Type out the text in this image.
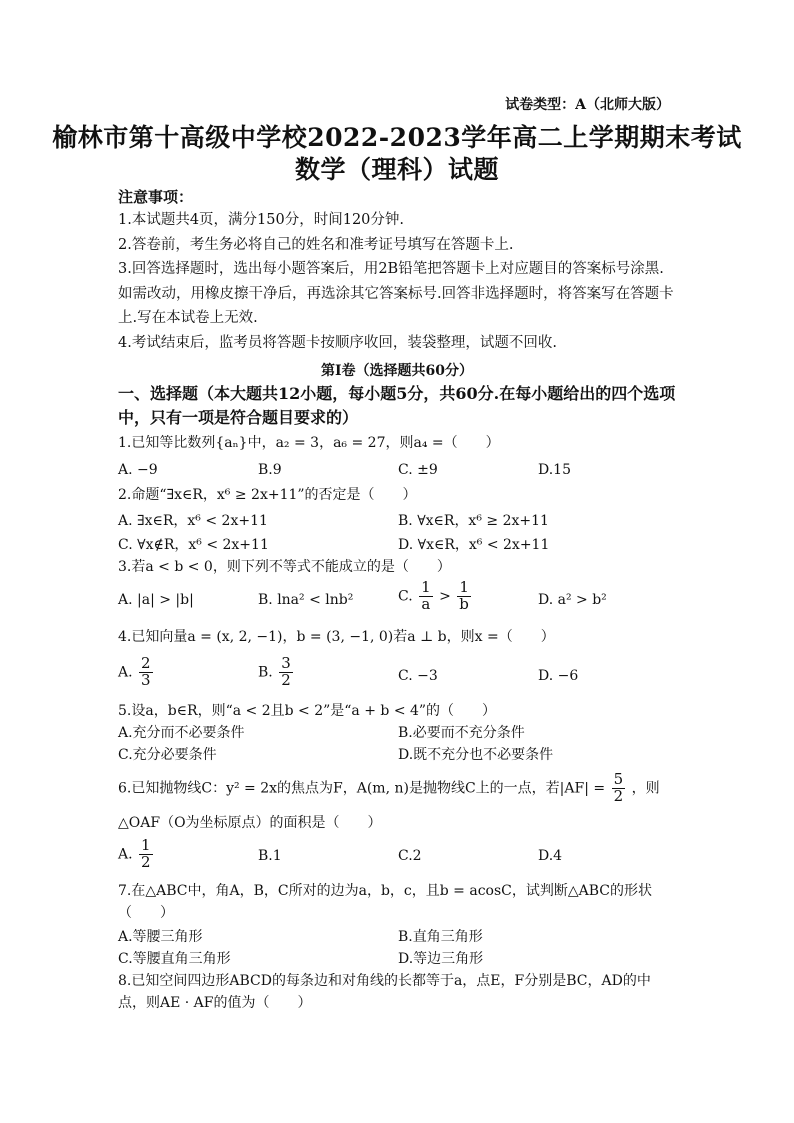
试卷类型：A（北师大版）
榆林市第十高级中学校2022-2023学年高二上学期期末考试
数学（理科）试题
注意事项：

1.本试题共4页，满分150分，时间120分钟.

2.答卷前，考生务必将自己的姓名和准考证号填写在答题卡上.

3.回答选择题时，选出每小题答案后，用2B铅笔把答题卡上对应题目的答案标号涂黑.如需改动，用橡皮擦干净后，再选涂其它答案标号.回答非选择题时，将答案写在答题卡上.写在本试卷上无效.

4.考试结束后，监考员将答题卡按顺序收回，装袋整理，试题不回收.

第Ⅰ卷（选择题共60分）
一、选择题（本大题共12小题，每小题5分，共60分.在每小题给出的四个选项中，只有一项是符合题目要求的）
1.已知等比数列{aₙ}中，a₂ = 3，a₆ = 27，则a₄ =（　　）
A. −9	B.9	C. ±9	D.15
2.命题“∃x∈R，x⁶ ≥ 2x+11”的否定是（　　）
A. ∃x∈R，x⁶ < 2x+11	B. ∀x∈R，x⁶ ≥ 2x+11
C. ∀x∉R，x⁶ < 2x+11	D. ∀x∈R，x⁶ < 2x+11
3.若a < b < 0，则下列不等式不能成立的是（　　）
A. |a| > |b|	B. lna² < lnb²	C. $\frac{1}{a} > \frac{1}{b}$	D. a² > b²
4.已知向量a = (x, 2, −1)，b = (3, −1, 0)若a ⊥ b，则x =（　　）
A. $\frac{2}{3}$	B. $\frac{3}{2}$	C. −3	D. −6
5.设a，b∈R，则“a < 2且b < 2”是“a + b < 4”的（　　）
A.充分而不必要条件	B.必要而不充分条件
C.充分必要条件	D.既不充分也不必要条件
6.已知抛物线C：y² = 2x的焦点为F，A(m, n)是抛物线C上的一点，若$|AF| = \frac{5}{2}$ ，则
△OAF（O为坐标原点）的面积是（　　）
A. $\frac{1}{2}$	B.1	C.2	D.4
7.在△ABC中，角A，B，C所对的边为a，b，c，且b = acosC，试判断△ABC的形状（　　）
A.等腰三角形	B.直角三角形
C.等腰直角三角形	D.等边三角形
8.已知空间四边形ABCD的每条边和对角线的长都等于a，点E，F分别是BC，AD的中点，则AE · AF的值为（　　）
